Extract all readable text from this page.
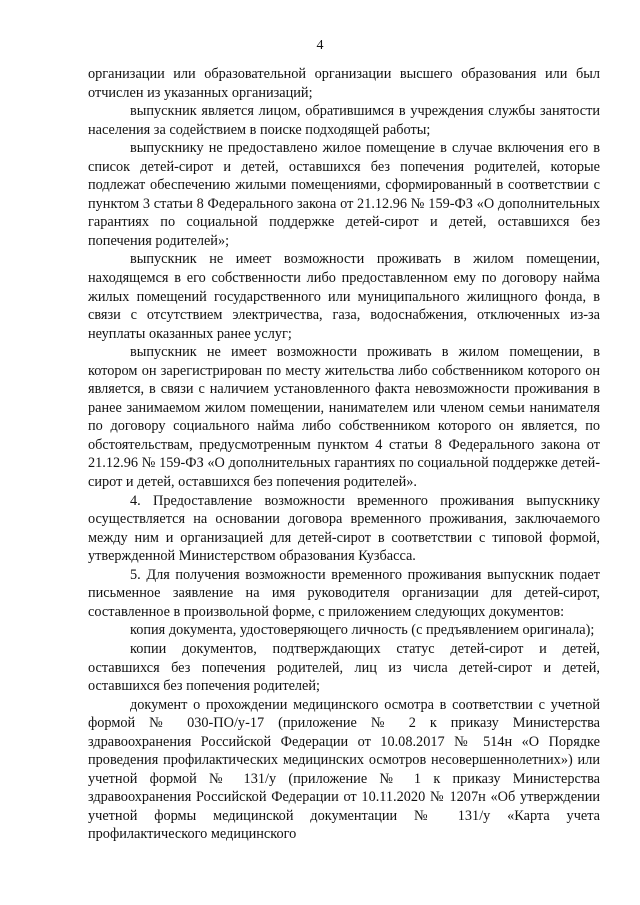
4

организации или образовательной организации высшего образования или был отчислен из указанных организаций;

выпускник является лицом, обратившимся в учреждения службы занятости населения за содействием в поиске подходящей работы;

выпускнику не предоставлено жилое помещение в случае включения его в список детей-сирот и детей, оставшихся без попечения родителей, которые подлежат обеспечению жилыми помещениями, сформированный в соответствии с пунктом 3 статьи 8 Федерального закона от 21.12.96 № 159-ФЗ «О дополнительных гарантиях по социальной поддержке детей-сирот и детей, оставшихся без попечения родителей»;

выпускник не имеет возможности проживать в жилом помещении, находящемся в его собственности либо предоставленном ему по договору найма жилых помещений государственного или муниципального жилищного фонда, в связи с отсутствием электричества, газа, водоснабжения, отключенных из-за неуплаты оказанных ранее услуг;

выпускник не имеет возможности проживать в жилом помещении, в котором он зарегистрирован по месту жительства либо собственником которого он является, в связи с наличием установленного факта невозможности проживания в ранее занимаемом жилом помещении, нанимателем или членом семьи нанимателя по договору социального найма либо собственником которого он является, по обстоятельствам, предусмотренным пунктом 4 статьи 8 Федерального закона от 21.12.96 № 159-ФЗ «О дополнительных гарантиях по социальной поддержке детей-сирот и детей, оставшихся без попечения родителей».

4. Предоставление возможности временного проживания выпускнику осуществляется на основании договора временного проживания, заключаемого между ним и организацией для детей-сирот в соответствии с типовой формой, утвержденной Министерством образования Кузбасса.

5. Для получения возможности временного проживания выпускник подает письменное заявление на имя руководителя организации для детей-сирот, составленное в произвольной форме, с приложением следующих документов:

копия документа, удостоверяющего личность (с предъявлением оригинала);

копии документов, подтверждающих статус детей-сирот и детей, оставшихся без попечения родителей, лиц из числа детей-сирот и детей, оставшихся без попечения родителей;

документ о прохождении медицинского осмотра в соответствии с учетной формой № 030-ПО/у-17 (приложение № 2 к приказу Министерства здравоохранения Российской Федерации от 10.08.2017 № 514н «О Порядке проведения профилактических медицинских осмотров несовершеннолетних») или учетной формой № 131/у (приложение № 1 к приказу Министерства здравоохранения Российской Федерации от 10.11.2020 № 1207н «Об утверждении учетной формы медицинской документации № 131/у «Карта учета профилактического медицинского
